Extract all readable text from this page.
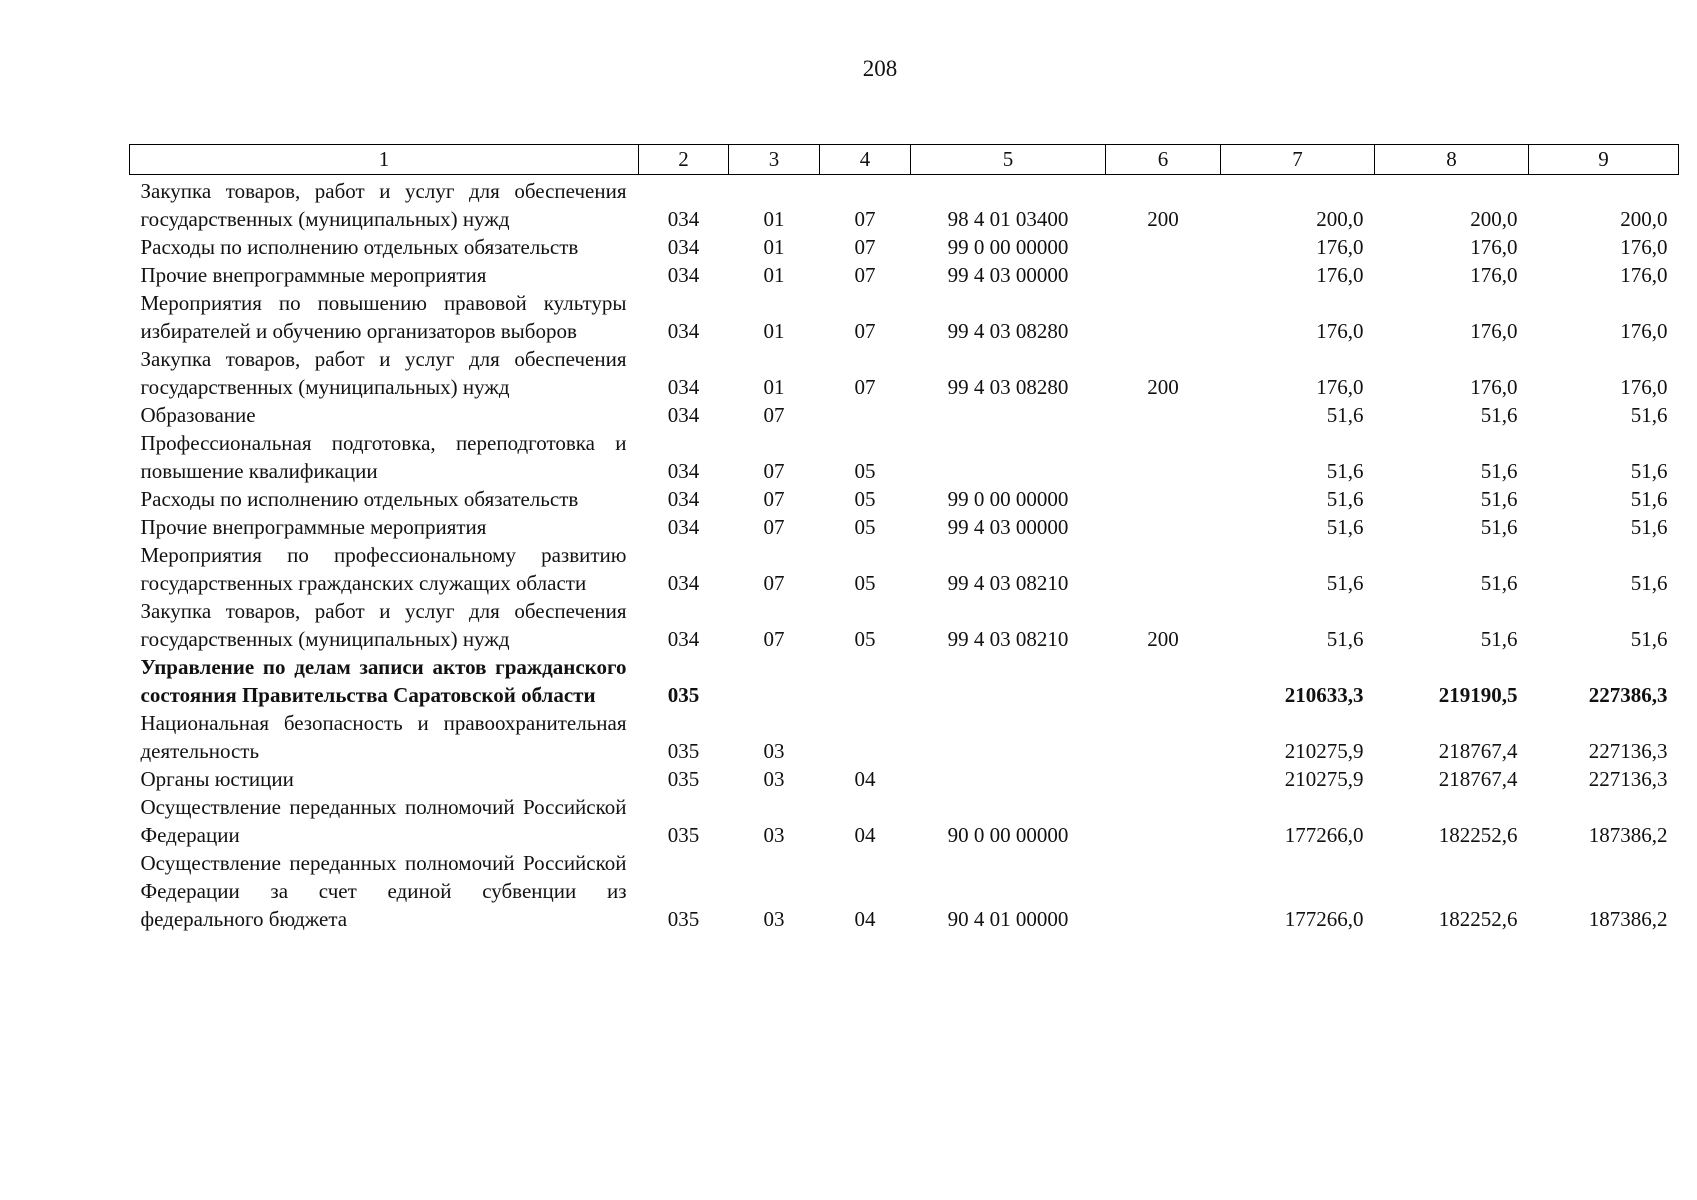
208
1	2	3	4	5	6	7	8	9
Закупка товаров, работ и услуг для обеспечения государственных (муниципальных) нужд	034	01	07	98 4 01 03400	200	200,0	200,0	200,0
Расходы по исполнению отдельных обязательств	034	01	07	99 0 00 00000		176,0	176,0	176,0
Прочие внепрограммные мероприятия	034	01	07	99 4 03 00000		176,0	176,0	176,0
Мероприятия по повышению правовой культуры избирателей и обучению организаторов выборов	034	01	07	99 4 03 08280		176,0	176,0	176,0
Закупка товаров, работ и услуг для обеспечения государственных (муниципальных) нужд	034	01	07	99 4 03 08280	200	176,0	176,0	176,0
Образование	034	07				51,6	51,6	51,6
Профессиональная подготовка, переподготовка и повышение квалификации	034	07	05			51,6	51,6	51,6
Расходы по исполнению отдельных обязательств	034	07	05	99 0 00 00000		51,6	51,6	51,6
Прочие внепрограммные мероприятия	034	07	05	99 4 03 00000		51,6	51,6	51,6
Мероприятия по профессиональному развитию государственных гражданских служащих области	034	07	05	99 4 03 08210		51,6	51,6	51,6
Закупка товаров, работ и услуг для обеспечения государственных (муниципальных) нужд	034	07	05	99 4 03 08210	200	51,6	51,6	51,6
Управление по делам записи актов гражданского состояния Правительства Саратовской области	035					210633,3	219190,5	227386,3
Национальная безопасность и правоохранительная деятельность	035	03				210275,9	218767,4	227136,3
Органы юстиции	035	03	04			210275,9	218767,4	227136,3
Осуществление переданных полномочий Российской Федерации	035	03	04	90 0 00 00000		177266,0	182252,6	187386,2
Осуществление переданных полномочий Российской Федерации за счет единой субвенции из федерального бюджета	035	03	04	90 4 01 00000		177266,0	182252,6	187386,2
